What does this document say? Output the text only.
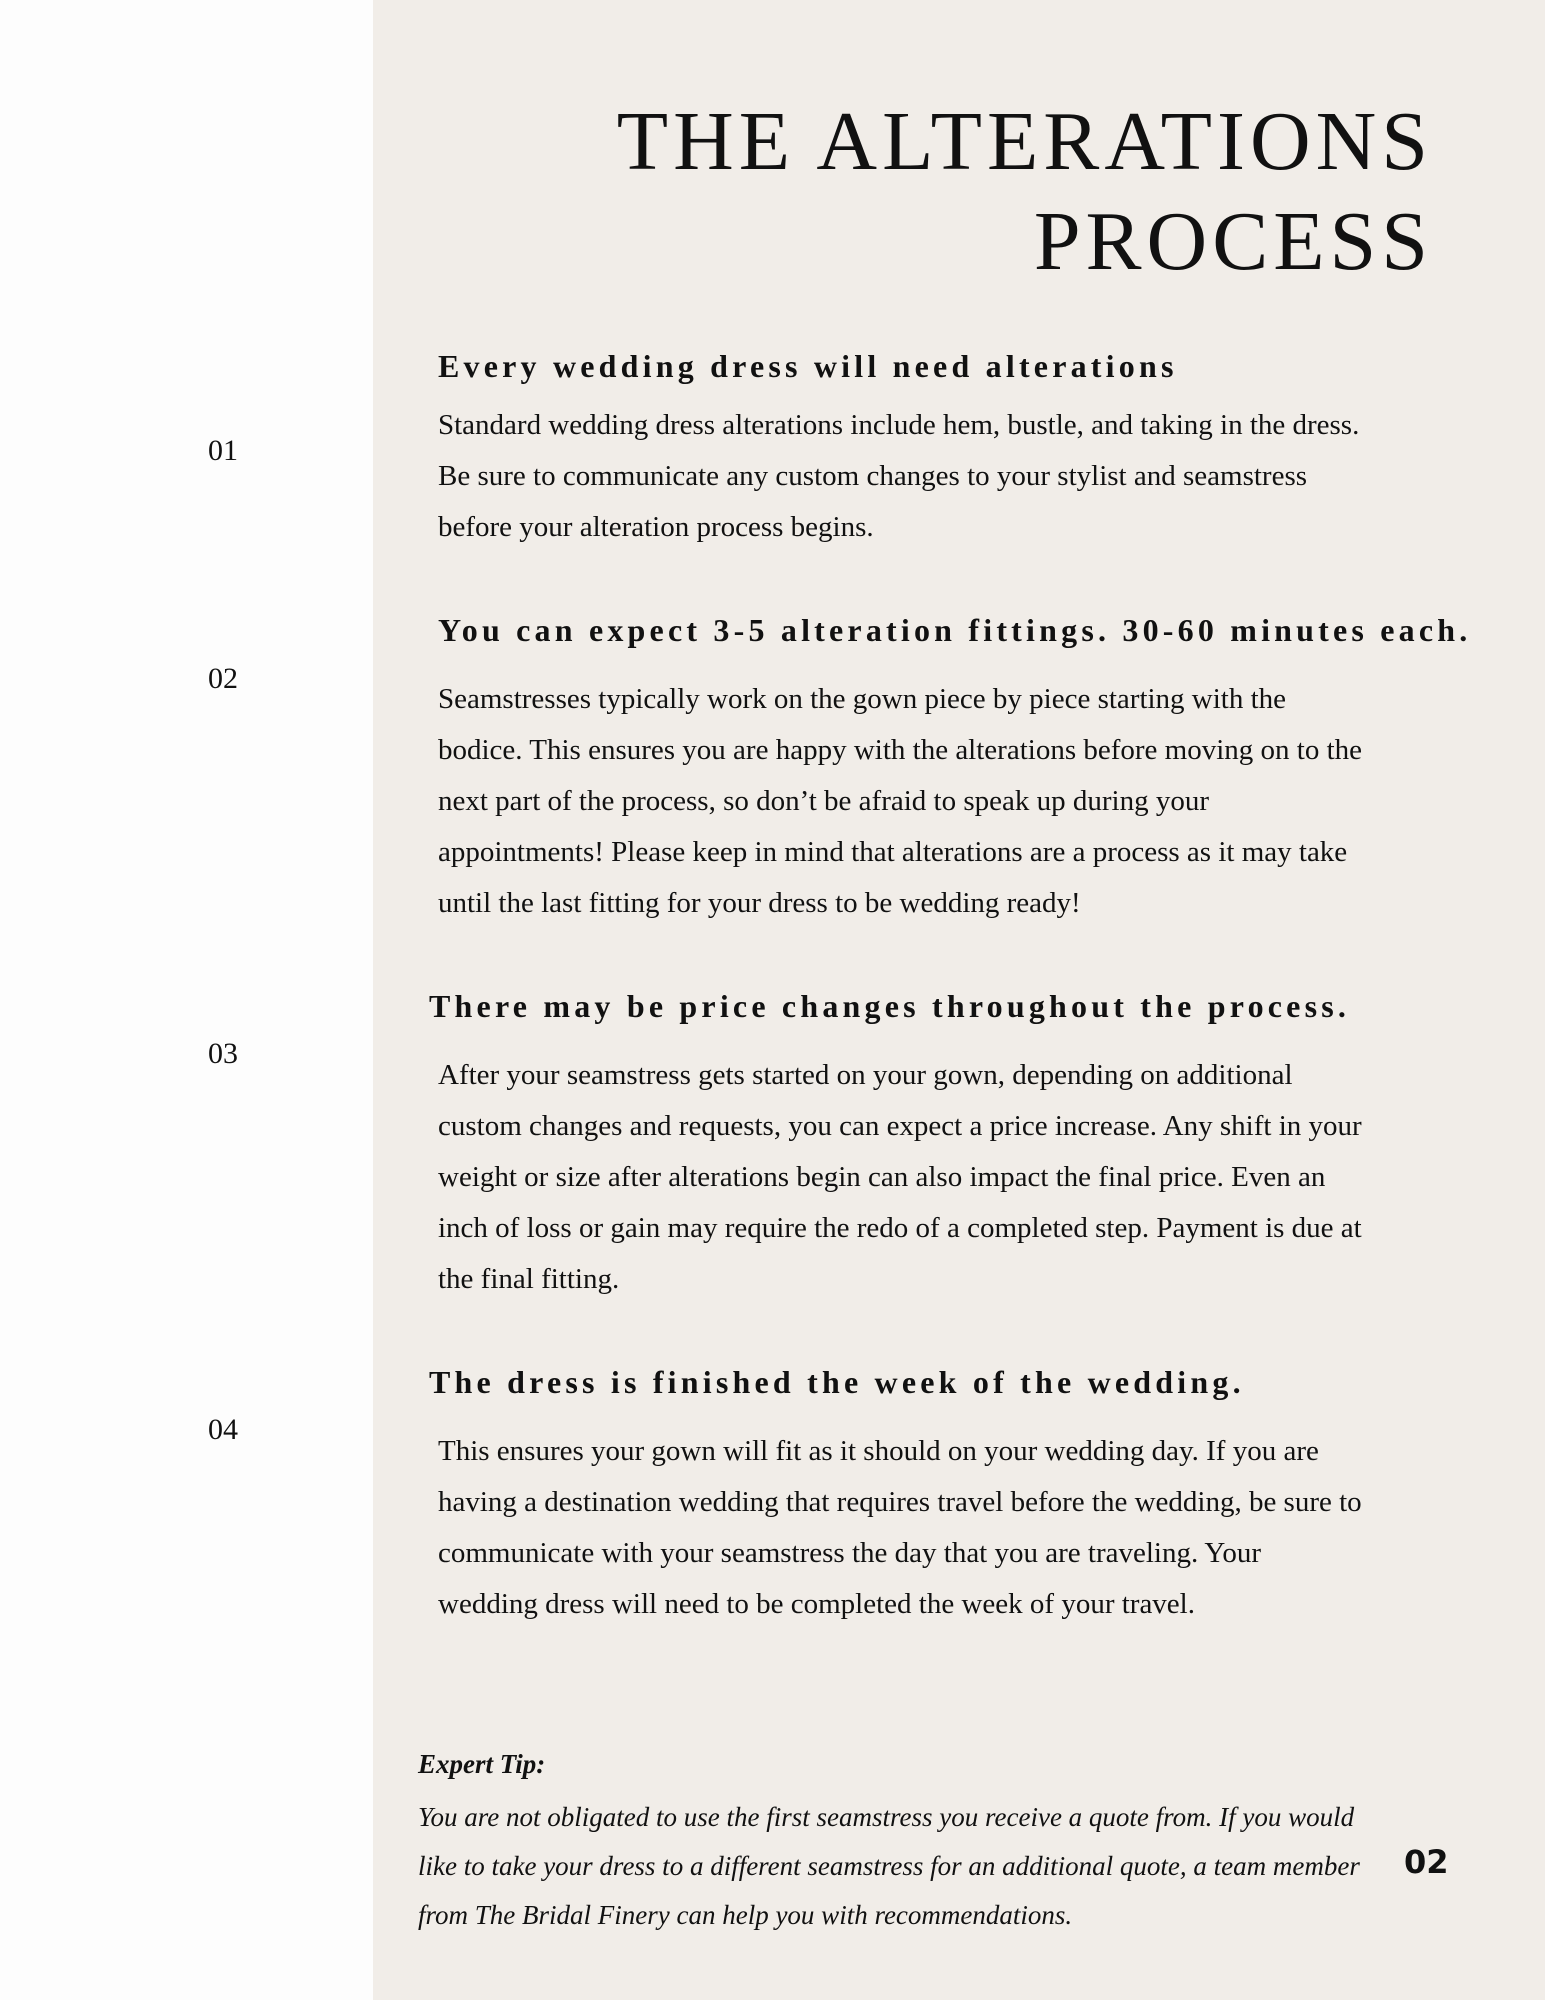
THE ALTERATIONS
PROCESS
01
Every wedding dress will need alterations

Standard wedding dress alterations include hem, bustle, and taking in the dress. Be sure to communicate any custom changes to your stylist and seamstress before your alteration process begins.

02
You can expect 3-5 alteration fittings. 30-60 minutes each.

Seamstresses typically work on the gown piece by piece starting with the bodice. This ensures you are happy with the alterations before moving on to the next part of the process, so don’t be afraid to speak up during your appointments! Please keep in mind that alterations are a process as it may take until the last fitting for your dress to be wedding ready!

03
There may be price changes throughout the process.

After your seamstress gets started on your gown, depending on additional custom changes and requests, you can expect a price increase. Any shift in your weight or size after alterations begin can also impact the final price. Even an inch of loss or gain may require the redo of a completed step. Payment is due at the final fitting.

04
The dress is finished the week of the wedding.

This ensures your gown will fit as it should on your wedding day. If you are having a destination wedding that requires travel before the wedding, be sure to communicate with your seamstress the day that you are traveling. Your wedding dress will need to be completed the week of your travel.

Expert Tip:

You are not obligated to use the first seamstress you receive a quote from. If you would like to take your dress to a different seamstress for an additional quote, a team member from The Bridal Finery can help you with recommendations.

02
